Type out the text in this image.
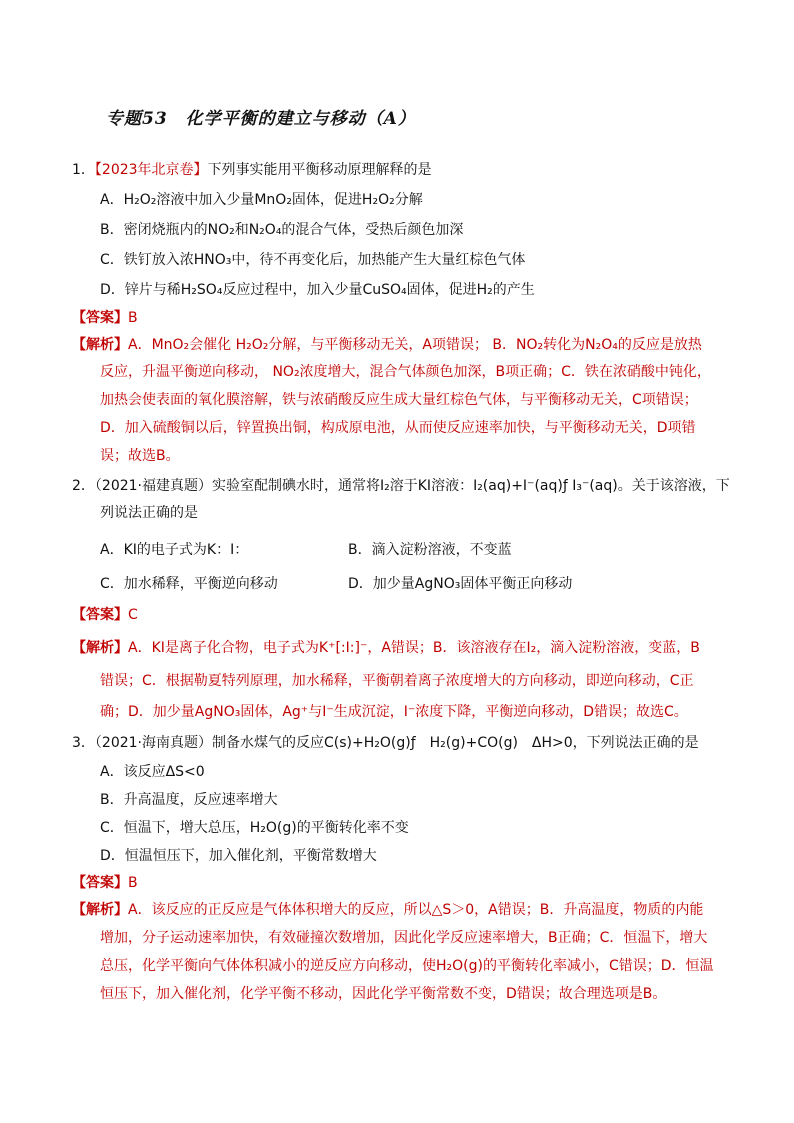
专题53　化学平衡的建立与移动（A）
1．【2023年北京卷】下列事实能用平衡移动原理解释的是
A．H₂O₂溶液中加入少量MnO₂固体，促进H₂O₂分解
B．密闭烧瓶内的NO₂和N₂O₄的混合气体，受热后颜色加深
C．铁钉放入浓HNO₃中，待不再变化后，加热能产生大量红棕色气体
D．锌片与稀H₂SO₄反应过程中，加入少量CuSO₄固体，促进H₂的产生
【答案】B
【解析】A．MnO₂会催化 H₂O₂分解，与平衡移动无关，A项错误； B．NO₂转化为N₂O₄的反应是放热
反应，升温平衡逆向移动， NO₂浓度增大，混合气体颜色加深，B项正确；C．铁在浓硝酸中钝化，
加热会使表面的氧化膜溶解，铁与浓硝酸反应生成大量红棕色气体，与平衡移动无关，C项错误；
D．加入硫酸铜以后，锌置换出铜，构成原电池，从而使反应速率加快，与平衡移动无关，D项错
误；故选B。
2．（2021·福建真题）实验室配制碘水时，通常将I₂溶于KI溶液：I₂(aq)+I⁻(aq)ƒ I₃⁻(aq)。关于该溶液，下
列说法正确的是
A．KI的电子式为K：I：	B．滴入淀粉溶液，不变蓝
C．加水稀释，平衡逆向移动	D．加少量AgNO₃固体平衡正向移动
【答案】C
【解析】A．KI是离子化合物，电子式为K⁺[:I:]⁻，A错误；B．该溶液存在I₂，滴入淀粉溶液，变蓝，B
错误；C．根据勒夏特列原理，加水稀释，平衡朝着离子浓度增大的方向移动，即逆向移动，C正
确；D．加少量AgNO₃固体，Ag⁺与I⁻生成沉淀，I⁻浓度下降，平衡逆向移动，D错误；故选C。
3．（2021·海南真题）制备水煤气的反应C(s)+H₂O(g)ƒ　H₂(g)+CO(g)　ΔH>0，下列说法正确的是
A．该反应ΔS<0
B．升高温度，反应速率增大
C．恒温下，增大总压，H₂O(g)的平衡转化率不变
D．恒温恒压下，加入催化剂，平衡常数增大
【答案】B
【解析】A．该反应的正反应是气体体积增大的反应，所以△S＞0，A错误；B．升高温度，物质的内能
增加，分子运动速率加快，有效碰撞次数增加，因此化学反应速率增大，B正确；C．恒温下，增大
总压，化学平衡向气体体积减小的逆反应方向移动，使H₂O(g)的平衡转化率减小，C错误；D．恒温
恒压下，加入催化剂，化学平衡不移动，因此化学平衡常数不变，D错误；故合理选项是B。
